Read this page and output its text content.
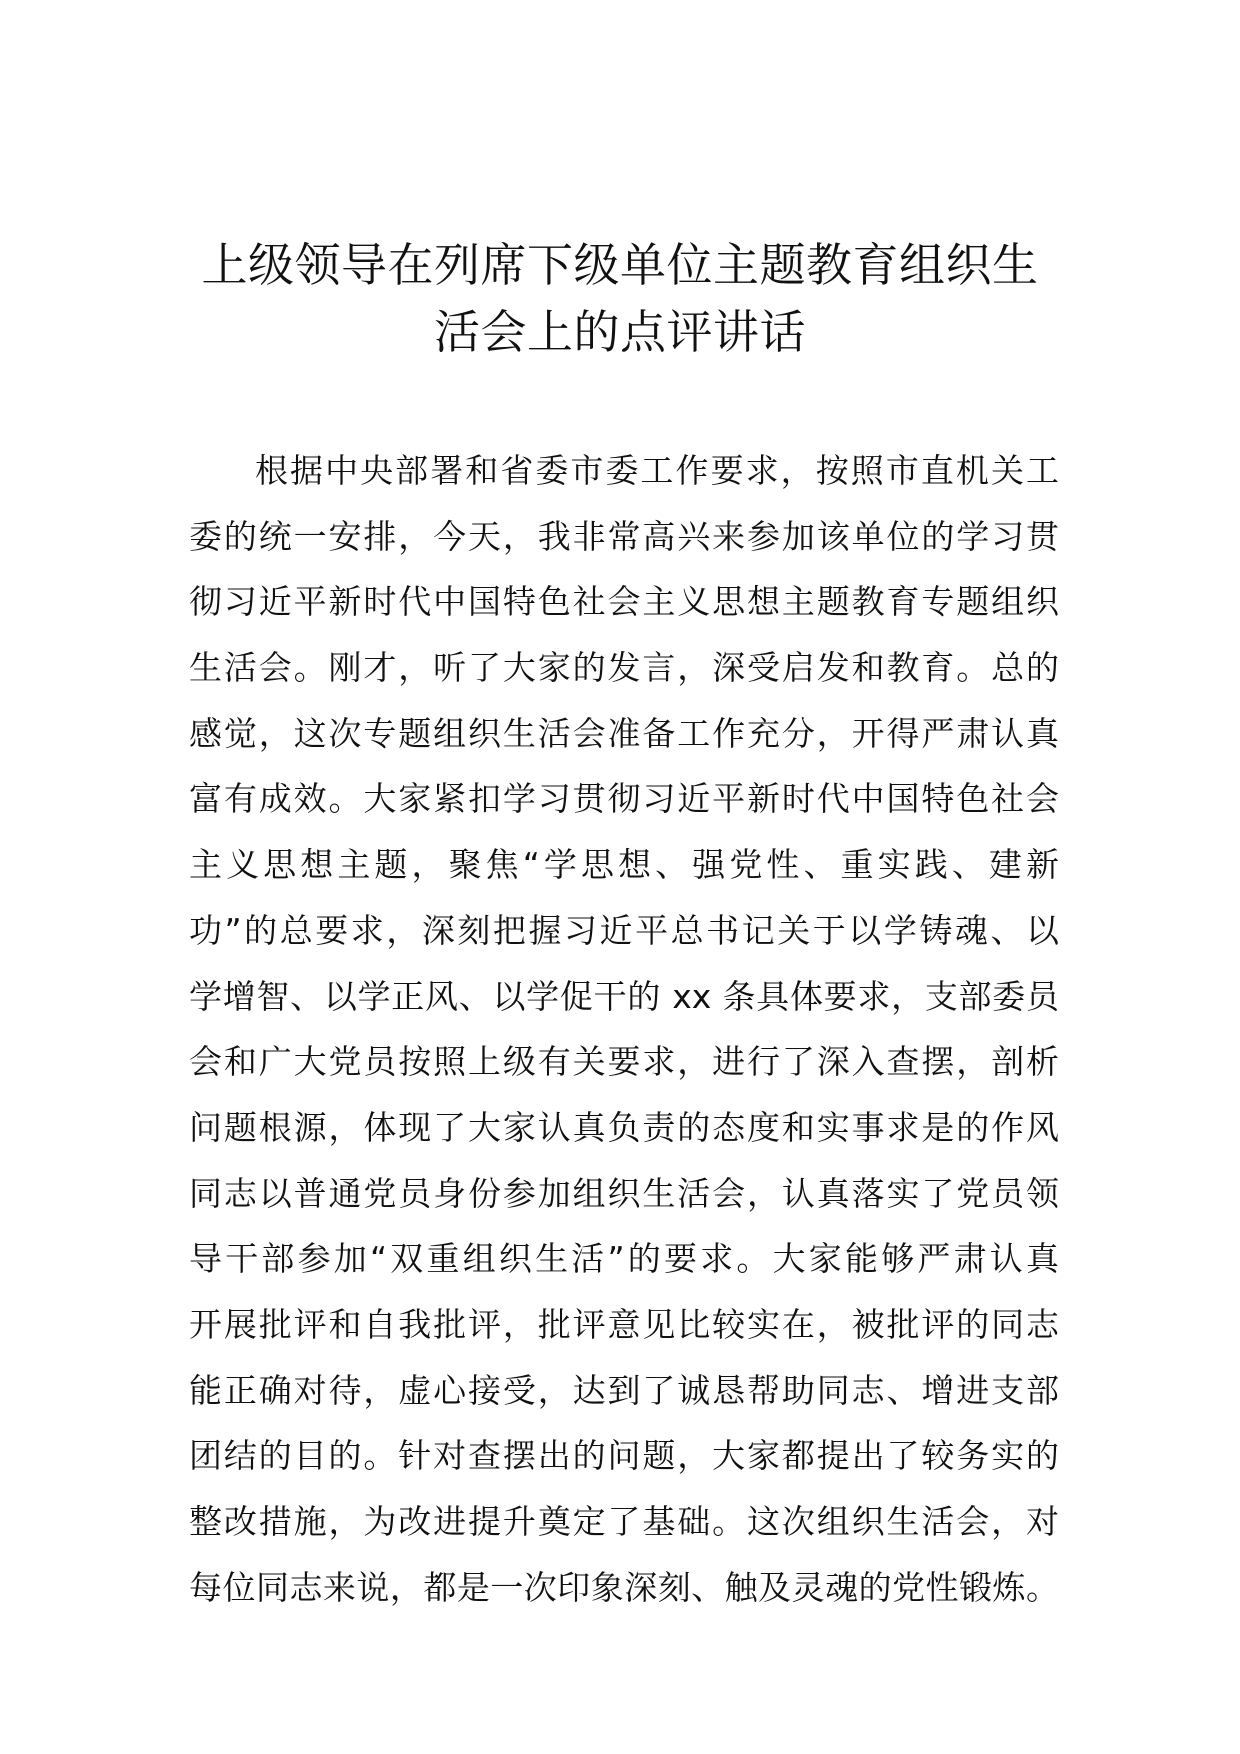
上级领导在列席下级单位主题教育组织生
活会上的点评讲话
根据中央部署和省委市委工作要求，按照市直机关工
委的统一安排，今天，我非常高兴来参加该单位的学习贯
彻习近平新时代中国特色社会主义思想主题教育专题组织
生活会。刚才，听了大家的发言，深受启发和教育。总的
感觉，这次专题组织生活会准备工作充分，开得严肃认真
富有成效。大家紧扣学习贯彻习近平新时代中国特色社会
主义思想主题，聚焦“学思想、强党性、重实践、建新
功”的总要求，深刻把握习近平总书记关于以学铸魂、以
学增智、以学正风、以学促干的 xx 条具体要求，支部委员
会和广大党员按照上级有关要求，进行了深入查摆，剖析
问题根源，体现了大家认真负责的态度和实事求是的作风
同志以普通党员身份参加组织生活会，认真落实了党员领
导干部参加“双重组织生活”的要求。大家能够严肃认真
开展批评和自我批评，批评意见比较实在，被批评的同志
能正确对待，虚心接受，达到了诚恳帮助同志、增进支部
团结的目的。针对查摆出的问题，大家都提出了较务实的
整改措施，为改进提升奠定了基础。这次组织生活会，对
每位同志来说，都是一次印象深刻、触及灵魂的党性锻炼。
